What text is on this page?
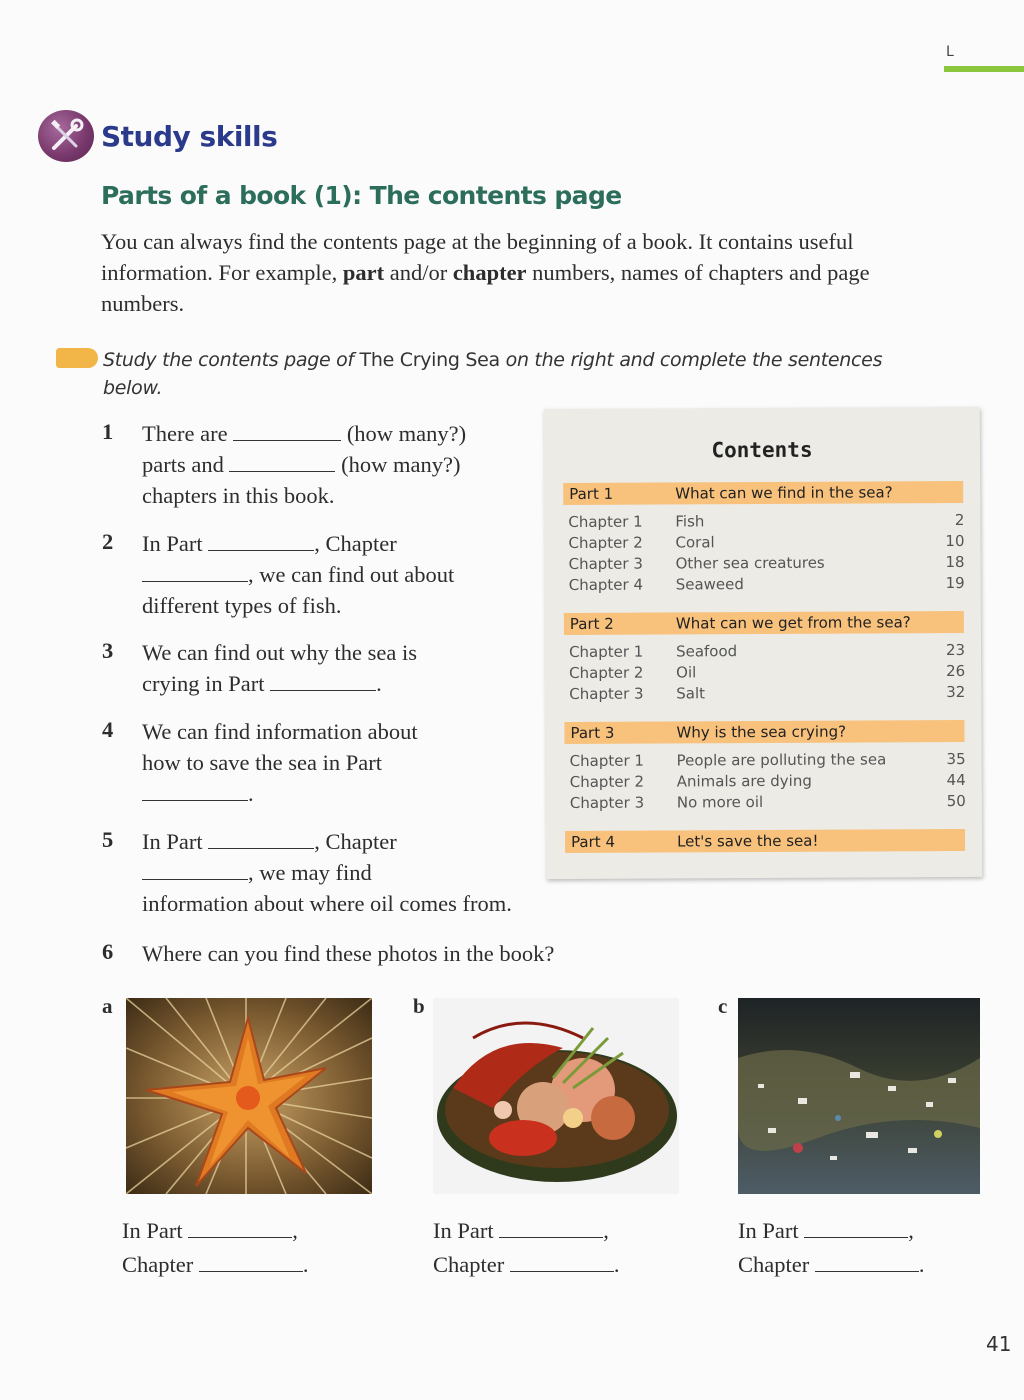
L
Study skills
Parts of a book (1): The contents page
You can always find the contents page at the beginning of a book. It contains useful information. For example, part and/or chapter numbers, names of chapters and page numbers.
Study the contents page of The Crying Sea on the right and complete the sentences below.
1 There are	(how many?)
parts and	(how many?)
chapters in this book.
2 In Part	, Chapter
, we can find out about
different types of fish.
3 We can find out why the sea is
crying in Part	.
4 We can find information about
how to save the sea in Part
.
5 In Part	, Chapter
, we may find
information about where oil comes from.
6 Where can you find these photos in the book?
Contents
Part 1	What can we find in the sea?
Chapter 1 Fish	2
Chapter 2 Coral	10
Chapter 3 Other sea creatures	18
Chapter 4 Seaweed	19
Part 2	What can we get from the sea?
Chapter 1 Seafood	23
Chapter 2 Oil	26
Chapter 3 Salt	32
Part 3	Why is the sea crying?
Chapter 1 People are polluting the sea	35
Chapter 2 Animals are dying	44
Chapter 3 No more oil	50
Part 4	Let's save the sea!
a
In Part	,
Chapter	.
b
In Part	,
Chapter	.
c
In Part	,
Chapter	.
41
